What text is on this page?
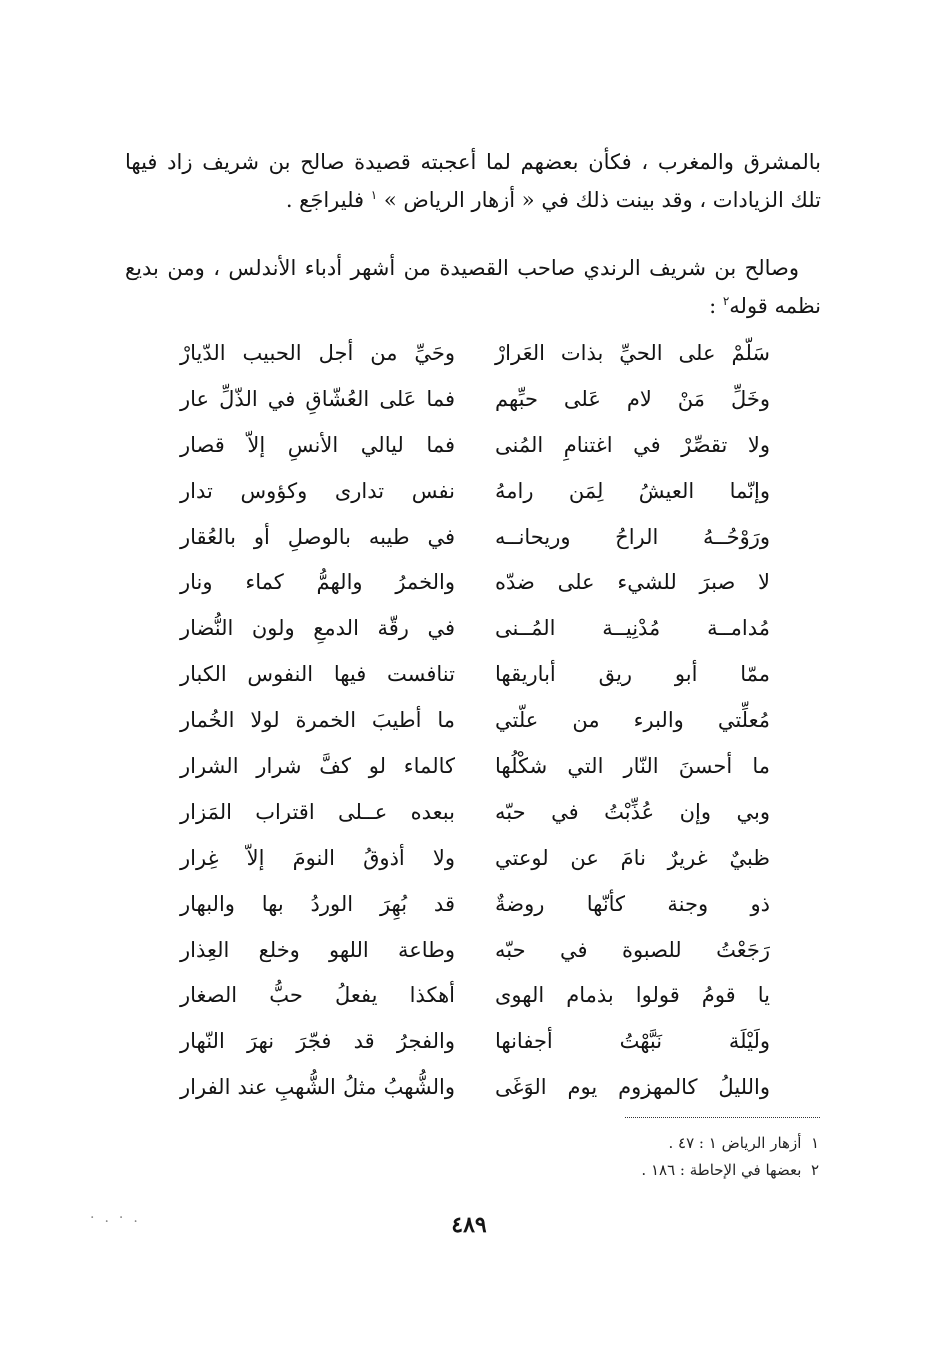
بالمشرق والمغرب ، فكأن بعضهم لما أعجبته قصيدة صالح بن شريف زاد فيها تلك الزيادات ، وقد بينت ذلك في « أزهار الرياض » $^١$ فليراجَع .

وصالح بن شريف الرندي صاحب القصيدة من أشهر أدباء الأندلس ، ومن بديع نظمه قوله$^٢$ :

سَلّمْ على الحيِّ بذات العَرارْ
وحَيِّ من أجل الحبيب الدّيارْ
وخَلِّ مَنْ لام عَلى حبِّهم
فما عَلى العُشّاقِ في الذّلِّ عار
ولا تقصِّرْ في اغتنامِ المُنى
فما ليالي الأنسِ إلاّ قصار
وإنّما العيشُ لِمَن رامهُ
نفس تدارى وكؤوس تدار
ورَوْحُــهُ الراحُ وريحانــه
في طيبه بالوصلِ أو بالعُقار
لا صبرَ للشيء على ضدّه
والخمرُ والهمُّ كماء ونار
مُدامــة مُدْنِيــة المُــنى
في رقّة الدمعِ ولون النُّضار
ممّا أبو ريق أباريقها
تنافست فيها النفوس الكبار
مُعلِّتي والبرء من علّتي
ما أطيبَ الخمرة لولا الخُمار
ما أحسنَ النّار التي شكْلُها
كالماء لو كفَّ شرار الشرار
وبي وإن عُذِّبْتُ في حبّه
ببعده عــلى اقتراب المَزار
ظبيٌ غريرٌ نامَ عن لوعتي
ولا أذوقُ النومَ إلاّ غِرار
ذو وجنة كأنّها روضةٌ
قد بُهِرَ الوردُ بها والبهار
رَجَعْتُ للصبوة في حبّه
وطاعة اللهو وخلع العِذار
يا قومُ قولوا بذمام الهوى
أهكذا يفعلُ حبُّ الصغار
ولَيْلَة نَبَّهْتُ أجفانها
والفجرُ قد فجّرَ نهرَ النّهار
والليلُ كالمهزوم يوم الوَغَى
والشُّهبُ مثلُ الشُّهبِ عند الفرار
١  أزهار الرياض ١ : ٤٧ .
٢  بعضها في الإحاطة : ١٨٦ .
·.·.	٤٨٩
